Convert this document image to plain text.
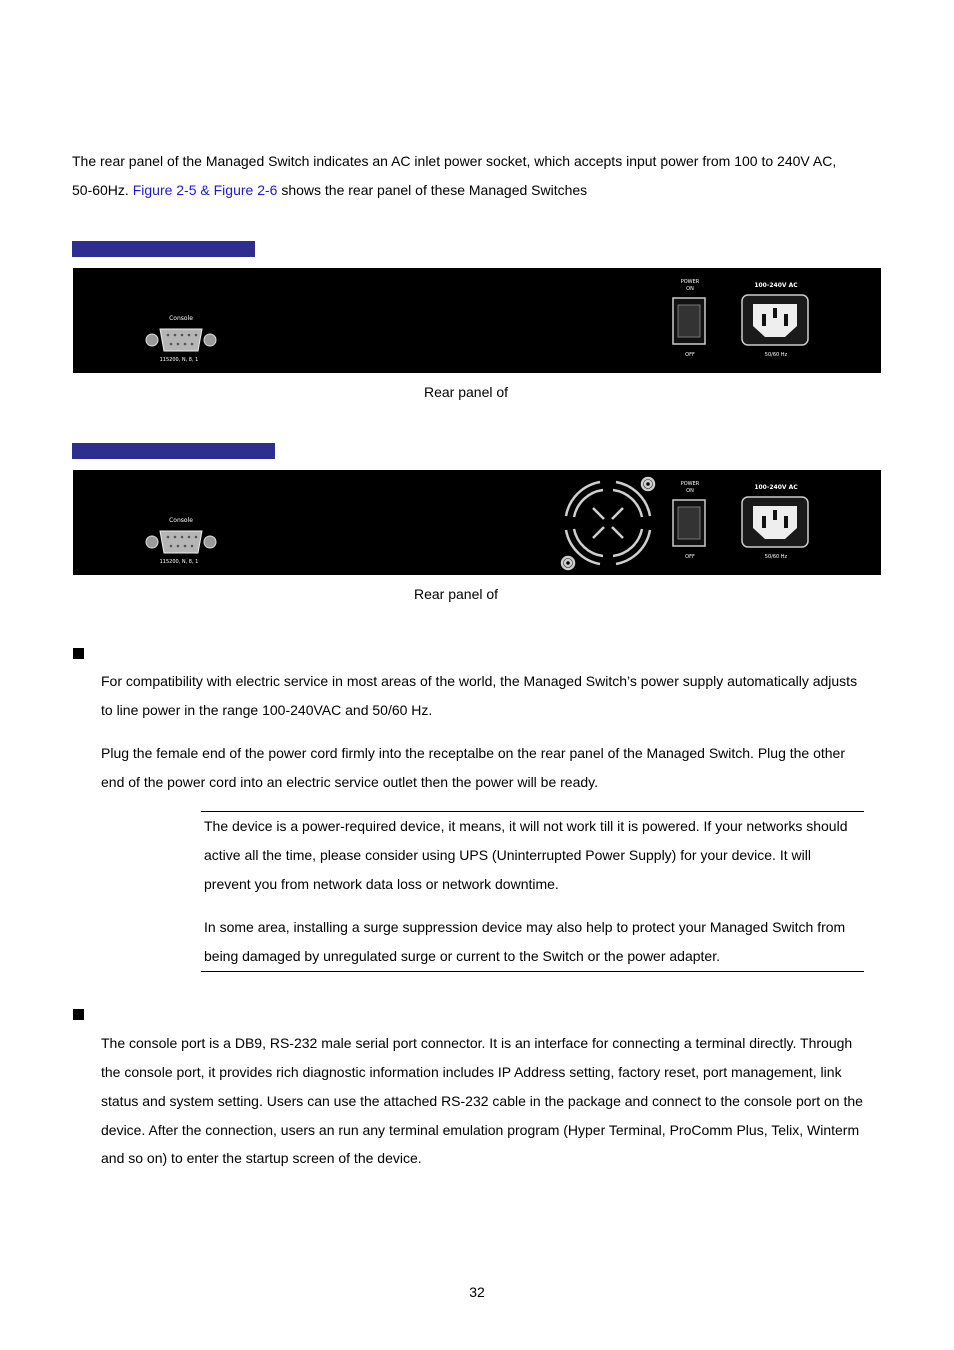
The rear panel of the Managed Switch indicates an AC inlet power socket, which accepts input power from 100 to 240V AC,

50-60Hz. Figure 2-5 & Figure 2-6 shows the rear panel of these Managed Switches

Console
115200, N, 8, 1
POWER
ON
OFF
100-240V AC
50/60 Hz
Rear panel of
Console
115200, N, 8, 1
POWER
ON
OFF
100-240V AC
50/60 Hz
Rear panel of

For compatibility with electric service in most areas of the world, the Managed Switch’s power supply automatically adjusts

to line power in the range 100-240VAC and 50/60 Hz.

Plug the female end of the power cord firmly into the receptalbe on the rear panel of the Managed Switch. Plug the other

end of the power cord into an electric service outlet then the power will be ready.

The device is a power-required device, it means, it will not work till it is powered. If your networks should

active all the time, please consider using UPS (Uninterrupted Power Supply) for your device. It will

prevent you from network data loss or network downtime.

In some area, installing a surge suppression device may also help to protect your Managed Switch from

being damaged by unregulated surge or current to the Switch or the power adapter.

The console port is a DB9, RS-232 male serial port connector. It is an interface for connecting a terminal directly. Through

the console port, it provides rich diagnostic information includes IP Address setting, factory reset, port management, link

status and system setting. Users can use the attached RS-232 cable in the package and connect to the console port on the

device. After the connection, users an run any terminal emulation program (Hyper Terminal, ProComm Plus, Telix, Winterm

and so on) to enter the startup screen of the device.

32
